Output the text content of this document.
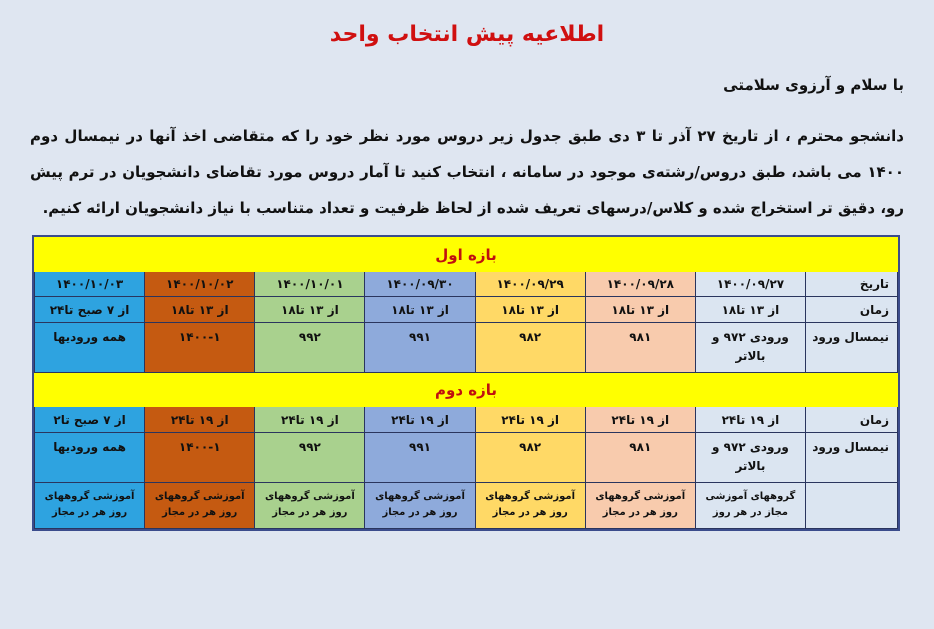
اطلاعیه پیش انتخاب واحد
با سلام و آرزوی سلامتی
دانشجو محترم ، از تاریخ ۲۷ آذر تا ۳ دی طبق جدول زیر دروس مورد نظر خود را که متقاضی اخذ آنها در نیمسال دوم ۱۴۰۰ می باشد، طبق دروس/رشته‌ی موجود در سامانه ، انتخاب کنید تا آمار دروس مورد تقاضای دانشجویان در ترم پیش رو، دقیق تر استخراج شده و کلاس/درسهای تعریف شده از لحاظ ظرفیت و تعداد متناسب با نیاز دانشجویان ارائه کنیم.
بازه اول							
تاریخ	۱۴۰۰/۰۹/۲۷	۱۴۰۰/۰۹/۲۸	۱۴۰۰/۰۹/۲۹	۱۴۰۰/۰۹/۳۰	۱۴۰۰/۱۰/۰۱	۱۴۰۰/۱۰/۰۲	۱۴۰۰/۱۰/۰۳
زمان	از ۱۳ تا۱۸	از ۱۳ تا۱۸	از ۱۳ تا۱۸	از ۱۳ تا۱۸	از ۱۳ تا۱۸	از ۱۳ تا۱۸	از ۷ صبح تا۲۴
نیمسال ورود	ورودی ۹۷۲ و بالاتر	۹۸۱	۹۸۲	۹۹۱	۹۹۲	۱۴۰۰-۱	همه ورودیها
بازه دوم							
زمان	از ۱۹ تا۲۴	از ۱۹ تا۲۴	از ۱۹ تا۲۴	از ۱۹ تا۲۴	از ۱۹ تا۲۴	از ۱۹ تا۲۴	از ۷ صبح تا۲
نیمسال ورود	ورودی ۹۷۲ و بالاتر	۹۸۱	۹۸۲	۹۹۱	۹۹۲	۱۴۰۰-۱	همه ورودیها
	گروههای آموزشی مجاز در هر روز	آموزشی گروههای روز هر در مجاز	آموزشی گروههای روز هر در مجاز	آموزشی گروههای روز هر در مجاز	آموزشی گروههای روز هر در مجاز	آموزشی گروههای روز هر در مجاز	آموزشی گروههای روز هر در مجاز
